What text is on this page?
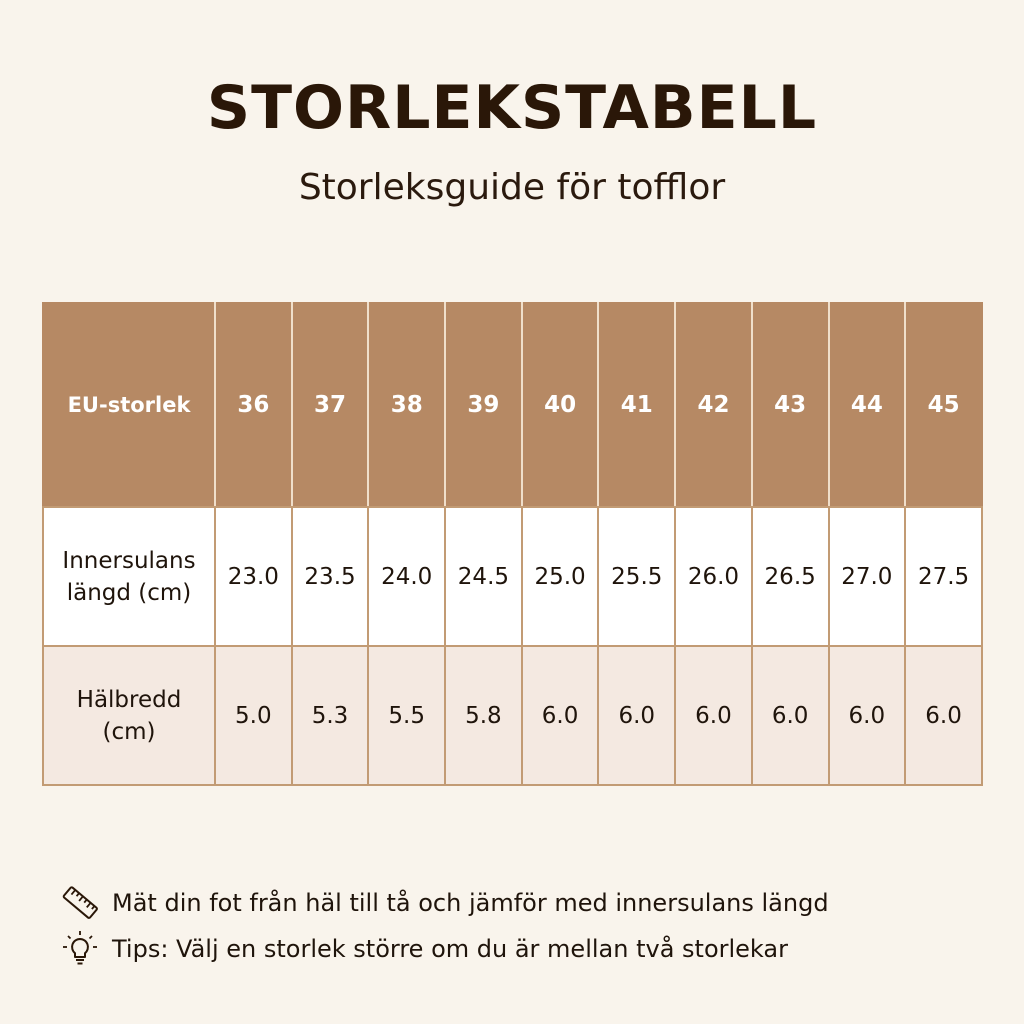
STORLEKSTABELL
Storleksguide för tofflor
EU-storlek	36	37	38	39	40	41	42	43	44	45
Innersulans
längd (cm)	23.0	23.5	24.0	24.5	25.0	25.5	26.0	26.5	27.0	27.5
Hälbredd
(cm)	5.0	5.3	5.5	5.8	6.0	6.0	6.0	6.0	6.0	6.0
Mät din fot från häl till tå och jämför med innersulans längd
Tips: Välj en storlek större om du är mellan två storlekar
